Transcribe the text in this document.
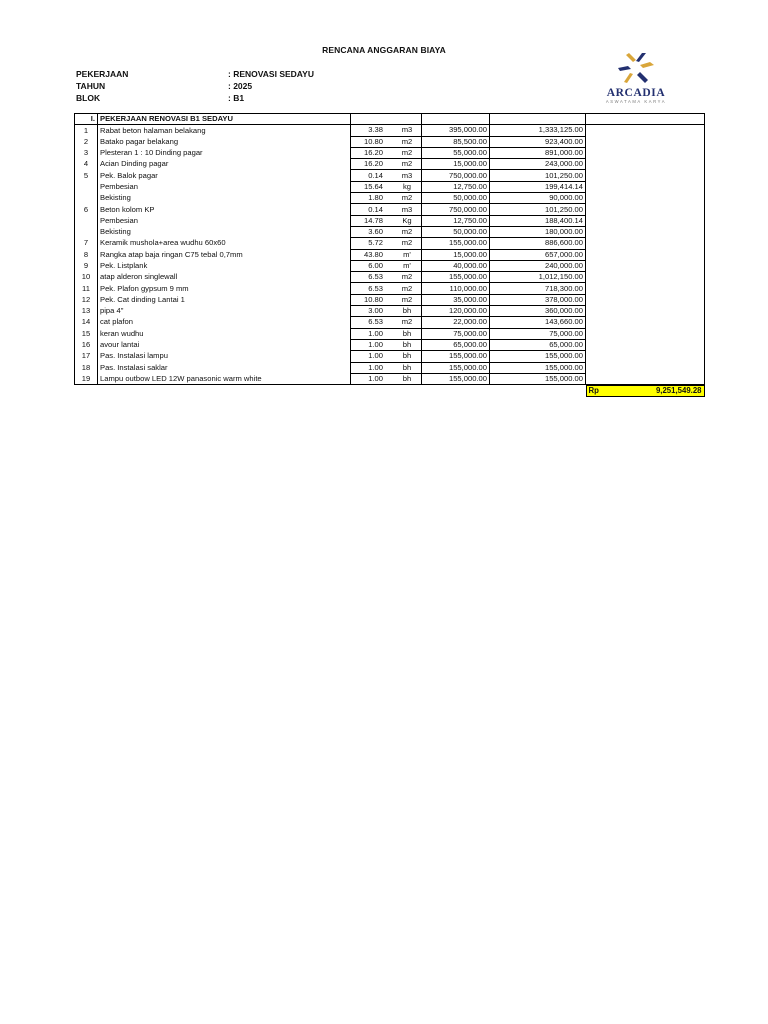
RENCANA ANGGARAN BIAYA
PEKERJAAN	: RENOVASI SEDAYU
TAHUN	: 2025
BLOK	: B1	ARCADIA
ASWATAMA KARYA
I.	PEKERJAAN RENOVASI B1 SEDAYU					
1	Rabat beton halaman belakang	3.38	m3	395,000.00	1,333,125.00	
2	Batako pagar belakang	10.80	m2	85,500.00	923,400.00	
3	Plesteran 1 : 10 Dinding pagar	16.20	m2	55,000.00	891,000.00	
4	Acian Dinding pagar	16.20	m2	15,000.00	243,000.00	
5	Pek. Balok pagar	0.14	m3	750,000.00	101,250.00	
	Pembesian	15.64	kg	12,750.00	199,414.14	
	Bekisting	1.80	m2	50,000.00	90,000.00	
6	Beton kolom KP	0.14	m3	750,000.00	101,250.00	
	Pembesian	14.78	Kg	12,750.00	188,400.14	
	Bekisting	3.60	m2	50,000.00	180,000.00	
7	Keramik mushola+area wudhu 60x60	5.72	m2	155,000.00	886,600.00	
8	Rangka atap baja ringan C75 tebal 0,7mm	43.80	m'	15,000.00	657,000.00	
9	Pek. Listplank	6.00	m'	40,000.00	240,000.00	
10	atap alderon singlewall	6.53	m2	155,000.00	1,012,150.00	
11	Pek. Plafon gypsum 9 mm	6.53	m2	110,000.00	718,300.00	
12	Pek. Cat dinding Lantai 1	10.80	m2	35,000.00	378,000.00	
13	pipa 4"	3.00	bh	120,000.00	360,000.00	
14	cat plafon	6.53	m2	22,000.00	143,660.00	
15	keran wudhu	1.00	bh	75,000.00	75,000.00	
16	avour lantai	1.00	bh	65,000.00	65,000.00	
17	Pas. Instalasi lampu	1.00	bh	155,000.00	155,000.00	
18	Pas. Instalasi saklar	1.00	bh	155,000.00	155,000.00	
19	Lampu outbow LED 12W panasonic warm white	1.00	bh	155,000.00	155,000.00	

						Rp 9,251,549.28
